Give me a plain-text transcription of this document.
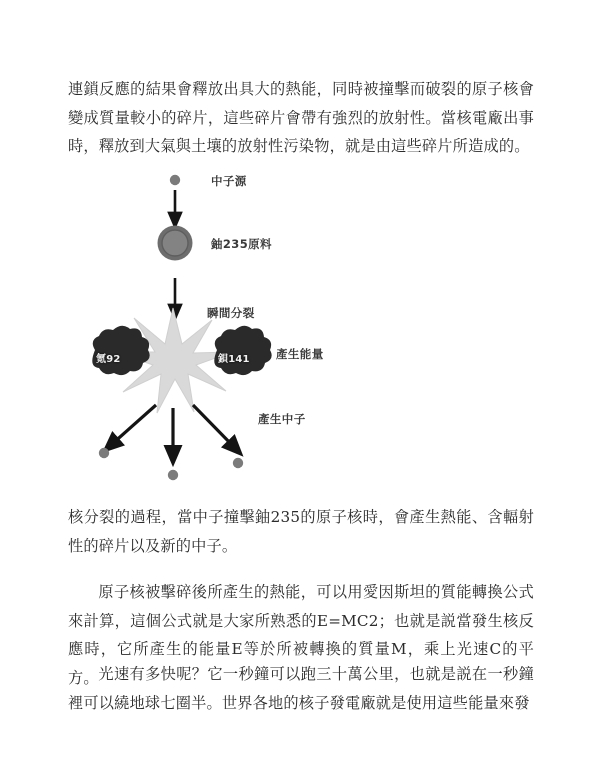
連鎖反應的結果會釋放出具大的熱能，同時被撞擊而破裂的原子核會變成質量較小的碎片，這些碎片會帶有強烈的放射性。當核電廠出事時，釋放到大氣與土壤的放射性污染物，就是由這些碎片所造成的。

中子源
鈾235原料
瞬間分裂
產生能量
產生中子
氪92	鋇141

核分裂的過程，當中子撞擊鈾235的原子核時，會產生熱能、含輻射性的碎片以及新的中子。

原子核被擊碎後所產生的熱能，可以用愛因斯坦的質能轉換公式來計算，這個公式就是大家所熟悉的E=MC2；也就是説當發生核反應時，它所產生的能量E等於所被轉換的質量M，乘上光速C的平方。 光速有多快呢？它一秒鐘可以跑三十萬公里，也就是説在一秒鐘裡可以繞地球七圈半。世界各地的核子發電廠就是使用這些能量來發
